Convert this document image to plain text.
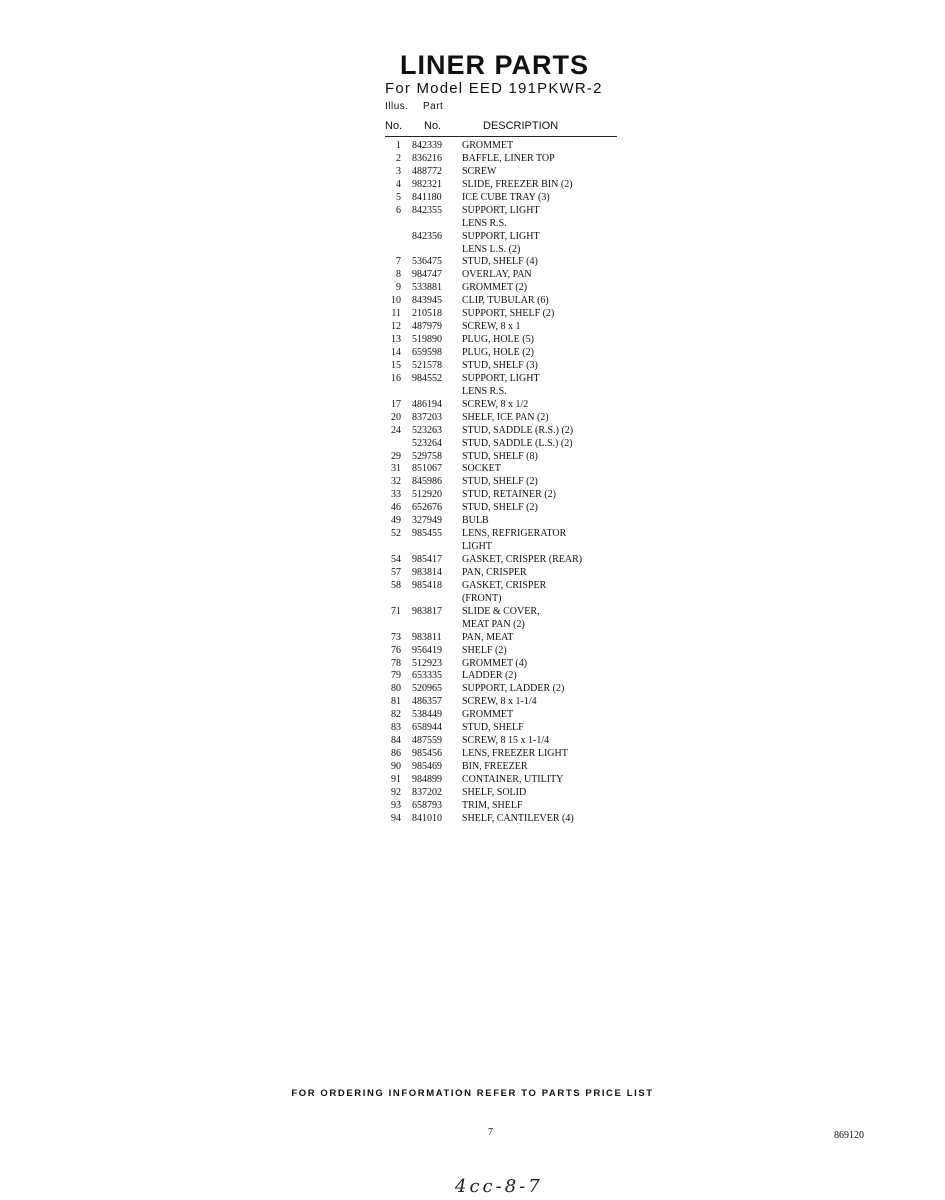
LINER PARTS
For Model EED 191PKWR-2
Illus. Part
No. No.	DESCRIPTION
1 842339 GROMMET
2 836216 BAFFLE, LINER TOP
3 488772 SCREW
4 982321 SLIDE, FREEZER BIN (2)
5 841180 ICE CUBE TRAY (3)
6 842355 SUPPORT, LIGHT
LENS R.S.
842356 SUPPORT, LIGHT
LENS L.S. (2)
7 536475 STUD, SHELF (4)
8 984747 OVERLAY, PAN
9 533881 GROMMET (2)
10 843945 CLIP, TUBULAR (6)
11 210518 SUPPORT, SHELF (2)
12 487979 SCREW, 8 x 1
13 519890 PLUG, HOLE (5)
14 659598 PLUG, HOLE (2)
15 521578 STUD, SHELF (3)
16 984552 SUPPORT, LIGHT
LENS R.S.
17 486194 SCREW, 8 x 1/2
20 837203 SHELF, ICE PAN (2)
24 523263 STUD, SADDLE (R.S.) (2)
523264 STUD, SADDLE (L.S.) (2)
29 529758 STUD, SHELF (8)
31 851067 SOCKET
32 845986 STUD, SHELF (2)
33 512920 STUD, RETAINER (2)
46 652676 STUD, SHELF (2)
49 327949 BULB
52 985455 LENS, REFRIGERATOR
LIGHT
54 985417 GASKET, CRISPER (REAR)
57 983814 PAN, CRISPER
58 985418 GASKET, CRISPER
(FRONT)
71 983817 SLIDE & COVER,
MEAT PAN (2)
73 983811 PAN, MEAT
76 956419 SHELF (2)
78 512923 GROMMET (4)
79 653335 LADDER (2)
80 520965 SUPPORT, LADDER (2)
81 486357 SCREW, 8 x 1-1/4
82 538449 GROMMET
83 658944 STUD, SHELF
84 487559 SCREW, 8 15 x 1-1/4
86 985456 LENS, FREEZER LIGHT
90 985469 BIN, FREEZER
91 984899 CONTAINER, UTILITY
92 837202 SHELF, SOLID
93 658793 TRIM, SHELF
94 841010 SHELF, CANTILEVER (4)
FOR ORDERING INFORMATION REFER TO PARTS PRICE LIST
7	869120
4cc-8-7
